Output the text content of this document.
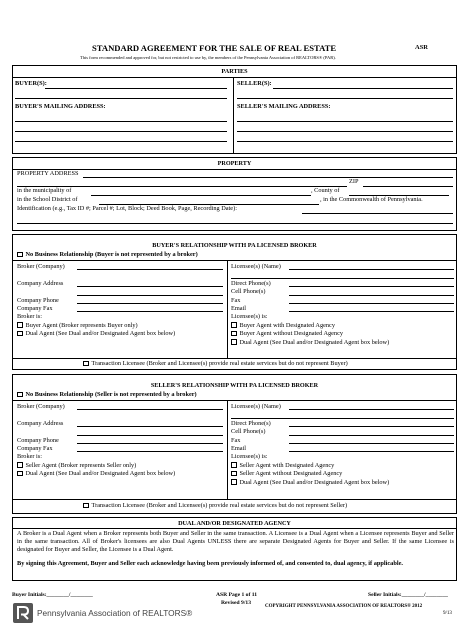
STANDARD AGREEMENT FOR THE SALE OF REAL ESTATE	ASR
This form recommended and approved for, but not restricted to use by, the members of the Pennsylvania Association of REALTORS® (PAR).
PARTIES
BUYER(S):
BUYER'S MAILING ADDRESS:
SELLER(S):
SELLER'S MAILING ADDRESS:
PROPERTY
PROPERTY ADDRESS
ZIP
in the municipality of	, County of
in the School District of	, in the Commonwealth of Pennsylvania.
Identification (e.g., Tax ID #; Parcel #; Lot, Block; Deed Book, Page, Recording Date):
BUYER'S RELATIONSHIP WITH PA LICENSED BROKER
No Business Relationship (Buyer is not represented by a broker)
Broker (Company)
Company Address
Company Phone
Company Fax
Broker is:
Buyer Agent (Broker represents Buyer only)
Dual Agent (See Dual and/or Designated Agent box below)
Licensee(s) (Name)
Direct Phone(s)
Cell Phone(s)
Fax
Email
Licensee(s) is:
Buyer Agent with Designated Agency
Buyer Agent without Designated Agency
Dual Agent (See Dual and/or Designated Agent box below)
Transaction Licensee (Broker and Licensee(s) provide real estate services but do not represent Buyer)
SELLER'S RELATIONSHIP WITH PA LICENSED BROKER
No Business Relationship (Seller is not represented by a broker)
Broker (Company)
Company Address
Company Phone
Company Fax
Broker is:
Seller Agent (Broker represents Seller only)
Dual Agent (See Dual and/or Designated Agent box below)
Licensee(s) (Name)
Direct Phone(s)
Cell Phone(s)
Fax
Email
Licensee(s) is:
Seller Agent with Designated Agency
Seller Agent without Designated Agency
Dual Agent (See Dual and/or Designated Agent box below)
Transaction Licensee (Broker and Licensee(s) provide real estate services but do not represent Seller)
DUAL AND/OR DESIGNATED AGENCY
A Broker is a Dual Agent when a Broker represents both Buyer and Seller in the same transaction. A Licensee is a Dual Agent when a Licensee represents Buyer and Seller in the same transaction. All of Broker's licensees are also Dual Agents UNLESS there are separate Designated Agents for Buyer and Seller. If the same Licensee is designated for Buyer and Seller, the Licensee is a Dual Agent.
By signing this Agreement, Buyer and Seller each acknowledge having been previously informed of, and consented to, dual agency, if applicable.
Buyer Initials:________/________	ASR Page 1 of 11
Revised 9/13
Seller Initials:________/________
Pennsylvania Association of REALTORS®
COPYRIGHT PENNSYLVANIA ASSOCIATION OF REALTORS® 2012
9/13
